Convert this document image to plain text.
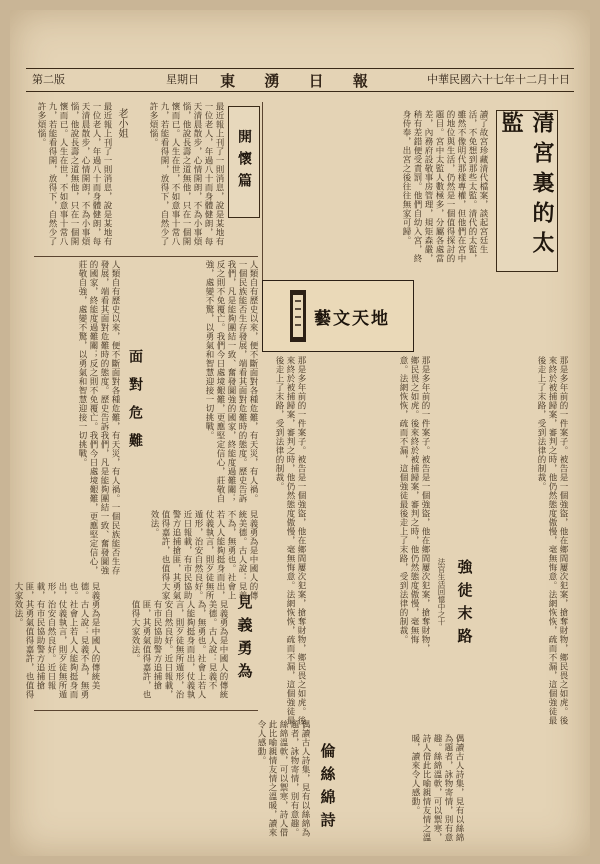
中華民國六十七年十二月十日
東 湧 日 報
星期日
第二版
清宮裏的太監
讀了故宮珍藏清代檔案，談起宮廷生活，不免想到那些太監。清代的太監，雖然不像明代那樣專權，但他們在宮中的地位與生活，仍然是一個值得探討的題目。宮中太監人數極多，分屬各處當差，內務府設敬事房管理，規矩森嚴，稍有差錯便受責罰。他們自幼入宮，終身侍奉，出宮之後往往無家可歸。
開懷篇
最近報上刊了一則消息，說是某地有一位老人，年過八十而身體健朗，每天清晨散步，心情開朗，不為小事煩惱，他說長壽之道無他，只在一個開懷而已。人生在世，不如意事十常八九，若能看得開，放得下，自然少了許多煩惱。
老小姐
最近報上刊了一則消息，說是某地有一位老人，年過八十而身體健朗，每天清晨散步，心情開朗，不為小事煩惱，他說長壽之道無他，只在一個開懷而已。人生在世，不如意事十常八九，若能看得開，放得下，自然少了許多煩惱。
藝文天地
人類自有歷史以來，便不斷面對各種危難，有天災，有人禍。一個民族能否生存發展，端看其面對危難時的態度。歷史告訴我們，凡是能夠團結一致、奮發圖強的國家，終能度過難關；反之則不免覆亡。我們今日處境艱難，更應堅定信心，莊敬自強，處變不驚，以勇氣和智慧迎接一切挑戰。
面對危難
人類自有歷史以來，便不斷面對各種危難，有天災，有人禍。一個民族能否生存發展，端看其面對危難時的態度。歷史告訴我們，凡是能夠團結一致、奮發圖強的國家，終能度過難關；反之則不免覆亡。我們今日處境艱難，更應堅定信心，莊敬自強，處變不驚，以勇氣和智慧迎接一切挑戰。	那是多年前的一件案子。被告是一個強盜，他在鄉間屢次犯案，搶奪財物，鄉民畏之如虎。後來終於被捕歸案，審判之時，他仍然態度傲慢，毫無悔意。法網恢恢，疏而不漏，這個強徒最後走上了末路，受到法律的制裁。
強徒末路
法官生活回憶中之十
那是多年前的一件案子。被告是一個強盜，他在鄉間屢次犯案，搶奪財物，鄉民畏之如虎。後來終於被捕歸案，審判之時，他仍然態度傲慢，毫無悔意。法網恢恢，疏而不漏，這個強徒最後走上了末路，受到法律的制裁。
那是多年前的一件案子。被告是一個強盜，他在鄉間屢次犯案，搶奪財物，鄉民畏之如虎。後來終於被捕歸案，審判之時，他仍然態度傲慢，毫無悔意。法網恢恢，疏而不漏，這個強徒最後走上了末路，受到法律的制裁。
見義勇為是中國人的傳統美德。古人說：見義不為，無勇也。社會上若人人能夠挺身而出，仗義執言，則歹徒無所遁形，治安自然良好。近日報載，有市民協助警方追捕搶匪，其勇氣值得嘉許，也值得大家效法。
見義勇為
見義勇為是中國人的傳統美德。古人說：見義不為，無勇也。社會上若人人能夠挺身而出，仗義執言，則歹徒無所遁形，治安自然良好。近日報載，有市民協助警方追捕搶匪，其勇氣值得嘉許，也值得大家效法。
見義勇為是中國人的傳統美德。古人說：見義不為，無勇也。社會上若人人能夠挺身而出，仗義執言，則歹徒無所遁形，治安自然良好。近日報載，有市民協助警方追捕搶匪，其勇氣值得嘉許，也值得大家效法。
偶讀古人詩集，見有以絲綿為題者，詠物寄情，別有意趣。絲綿溫軟，可以禦寒，詩人借此比喻親情友情之溫暖，讀來令人感動。
倫絲綿詩
偶讀古人詩集，見有以絲綿為題者，詠物寄情，別有意趣。絲綿溫軟，可以禦寒，詩人借此比喻親情友情之溫暖，讀來令人感動。
